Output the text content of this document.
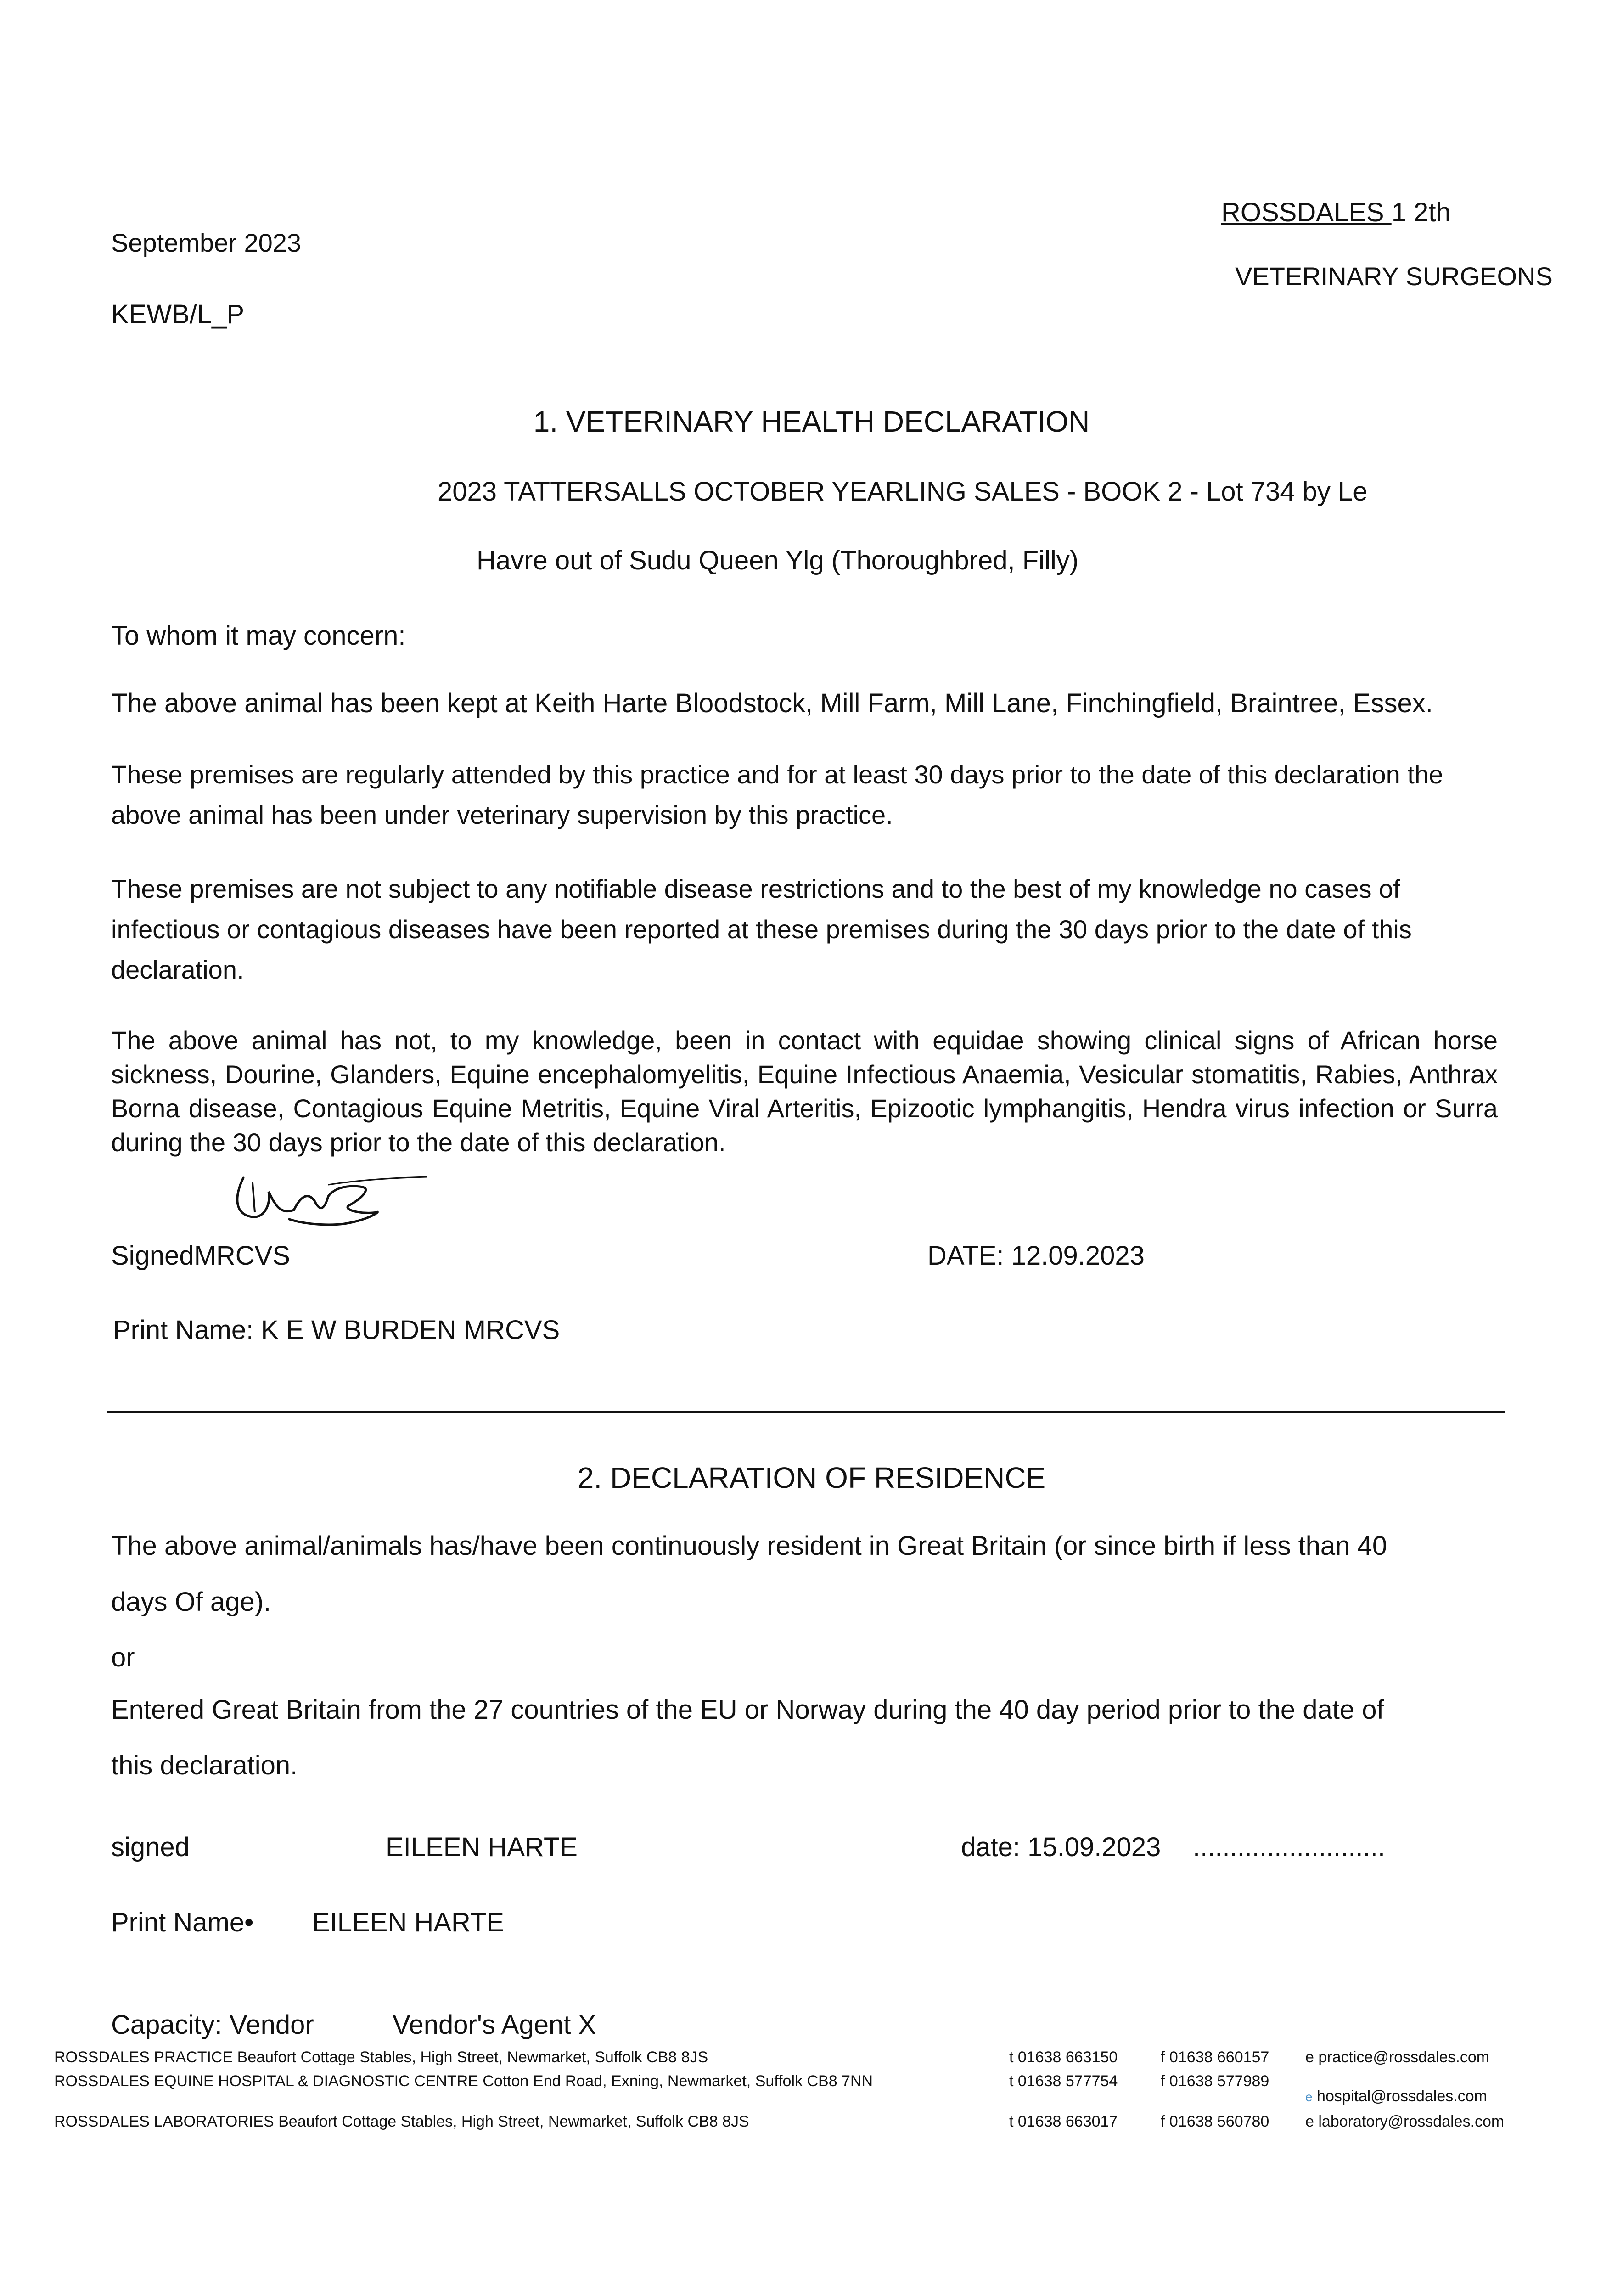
ROSSDALES 1 2th
VETERINARY SURGEONS
September 2023
KEWB/L_P
1. VETERINARY HEALTH DECLARATION
2023 TATTERSALLS OCTOBER YEARLING SALES - BOOK 2 - Lot 734 by Le
Havre out of Sudu Queen Ylg (Thoroughbred, Filly)
To whom it may concern:
The above animal has been kept at Keith Harte Bloodstock, Mill Farm, Mill Lane, Finchingfield, Braintree, Essex.
These premises are regularly attended by this practice and for at least 30 days prior to the date of this declaration the above animal has been under veterinary supervision by this practice.
These premises are not subject to any notifiable disease restrictions and to the best of my knowledge no cases of infectious or contagious diseases have been reported at these premises during the 30 days prior to the date of this declaration.
The above animal has not, to my knowledge, been in contact with equidae showing clinical signs of African horse sickness, Dourine, Glanders, Equine encephalomyelitis, Equine Infectious Anaemia, Vesicular stomatitis, Rabies, Anthrax Borna disease, Contagious Equine Metritis, Equine Viral Arteritis, Epizootic lymphangitis, Hendra virus infection or Surra during the 30 days prior to the date of this declaration.
SignedMRCVS	DATE: 12.09.2023
Print Name: K E W BURDEN MRCVS
2. DECLARATION OF RESIDENCE
The above animal/animals has/have been continuously resident in Great Britain (or since birth if less than 40
days Of age).
or
Entered Great Britain from the 27 countries of the EU or Norway during the 40 day period prior to the date of
this declaration.
signed	EILEEN HARTE	date: 15.09.2023 ..........................
Print Name• EILEEN HARTE
Capacity: Vendor	Vendor's Agent X
ROSSDALES PRACTICE Beaufort Cottage Stables, High Street, Newmarket, Suffolk CB8 8JS	t 01638 663150	f 01638 660157 e practice@rossdales.com
ROSSDALES EQUINE HOSPITAL & DIAGNOSTIC CENTRE Cotton End Road, Exning, Newmarket, Suffolk CB8 7NN	t 01638 577754	f 01638 577989
e hospital@rossdales.com
ROSSDALES LABORATORIES Beaufort Cottage Stables, High Street, Newmarket, Suffolk CB8 8JS	t 01638 663017	f 01638 560780 e laboratory@rossdales.com
